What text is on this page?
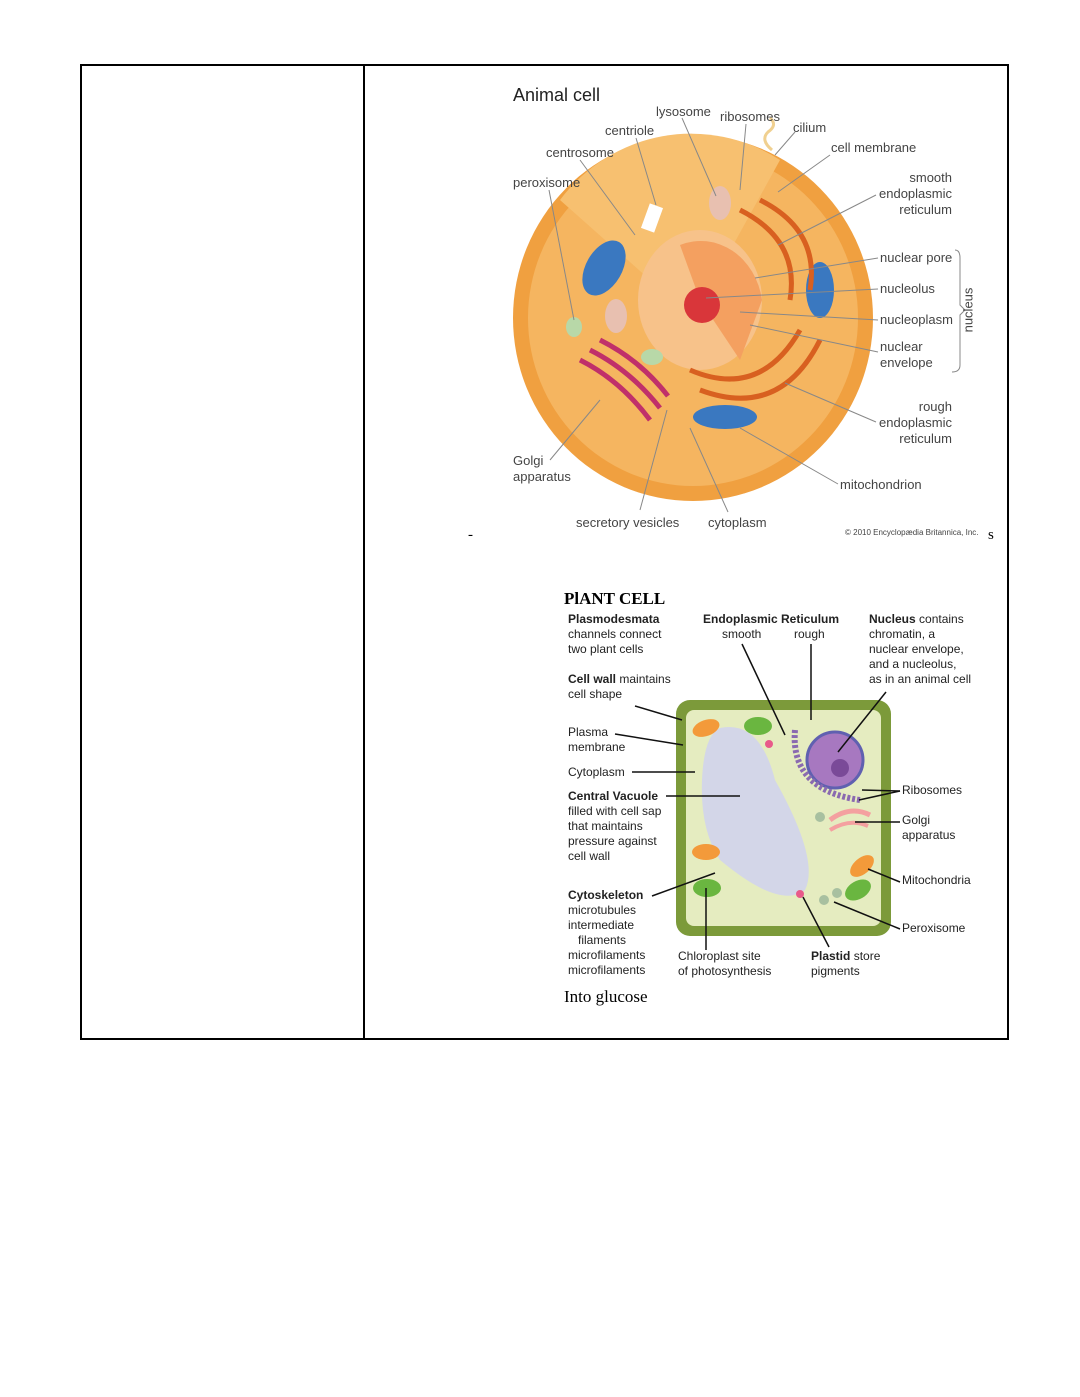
Animal cell
lysosome ribosomes
centriole	cilium
centrosome	cell membrane
peroxisome	smooth
endoplasmic
reticulum
nuclear pore
nucleolus
nucleoplasm
nuclear
envelope
nucleus
rough
endoplasmic
reticulum
Golgi
apparatus
mitochondrion
secretory vesicles cytoplasm
© 2010 Encyclopædia Britannica, Inc.
-	s
PlANT CELL
Plasmodesmata
channels connect
two plant cells
Endoplasmic Reticulum
smooth	rough
Nucleus contains
chromatin, a
nuclear envelope,
and a nucleolus,
as in an animal cell
Cell wall maintains
cell shape
Plasma
membrane
Cytoplasm
Central Vacuole
filled with cell sap
that maintains
pressure against
cell wall
Ribosomes
Golgi
apparatus
Mitochondria
Peroxisome
Cytoskeleton
microtubules
intermediate
filaments
microfilaments
microfilaments
Chloroplast site
of photosynthesis
Plastid store
pigments
Into glucose
